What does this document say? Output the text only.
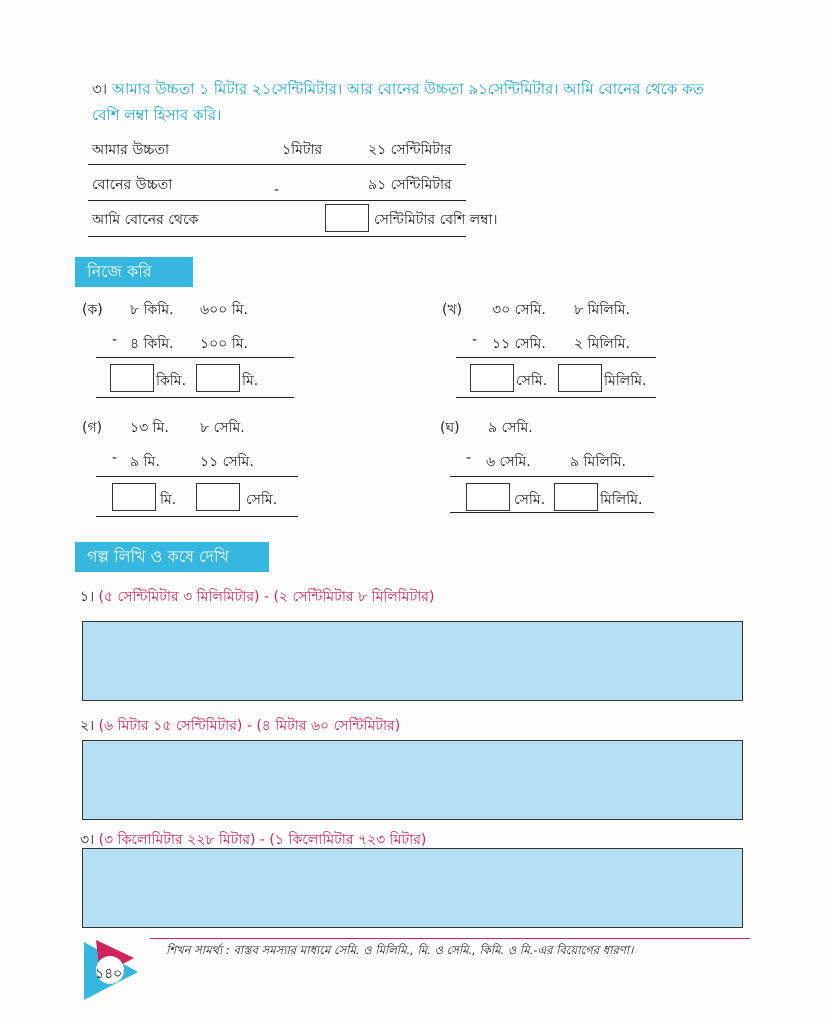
৩। আমার উচ্চতা ১ মিটার ২১সেন্টিমিটার। আর বোনের উচ্চতা ৯১সেন্টিমিটার। আমি বোনের থেকে কত
বেশি লম্বা হিসাব করি।
আমার উচ্চতা	১মিটার	২১ সেন্টিমিটার
বোনের উচ্চতা	-	৯১ সেন্টিমিটার
আমি বোনের থেকে	সেন্টিমিটার বেশি লম্বা।
নিজে করি
(ক) ৮ কিমি. ৬০০ মি.
- ৪ কিমি. ১০০ মি.
কিমি.	মি.
(খ) ৩০ সেমি. ৮ মিলিমি.
- ১১ সেমি. ২ মিলিমি.
সেমি.	মিলিমি.
(গ) ১৩ মি. ৮ সেমি.
- ৯ মি.	১১ সেমি.
মি.	সেমি.
(ঘ) ৯ সেমি.
- ৬ সেমি.	৯ মিলিমি.
সেমি.	মিলিমি.
গল্প লিখি ও কষে দেখি
১। (৫ সেন্টিমিটার ৩ মিলিমিটার) - (২ সেন্টিমিটার ৮ মিলিমিটার)
২। (৬ মিটার ১৫ সেন্টিমিটার) - (৪ মিটার ৬০ সেন্টিমিটার)
৩। (৩ কিলোমিটার ২২৮ মিটার) - (১ কিলোমিটার ৭২৩ মিটার)
১৪০
শিখন সামর্থ্য : বাস্তব সমস্যার মাধ্যমে সেমি. ও মিলিমি., মি. ও সেমি., কিমি. ও মি.-এর বিয়োগের ধারণা।
